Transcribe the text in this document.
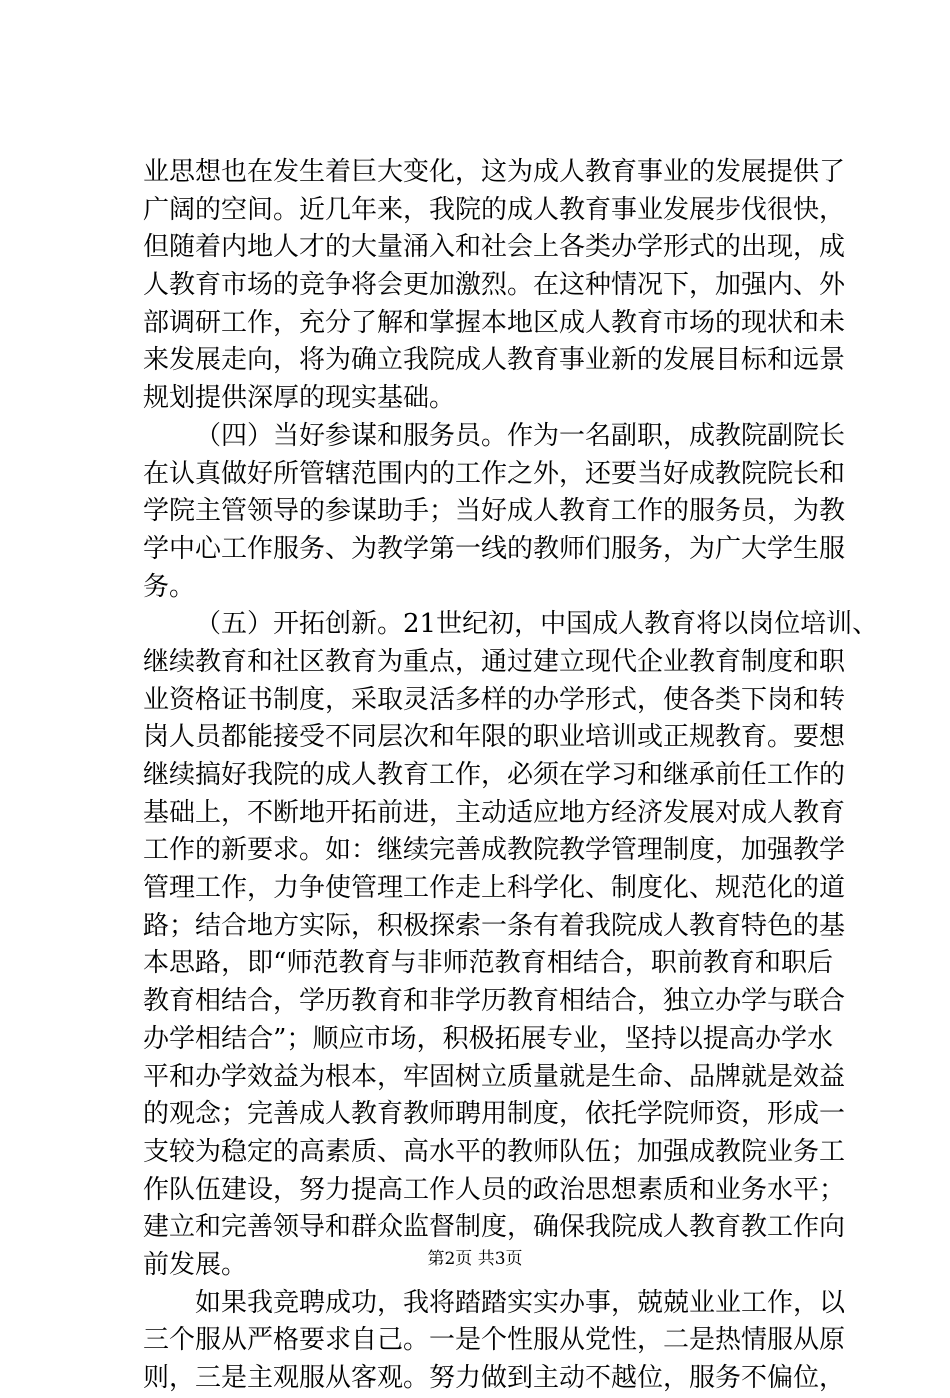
业思想也在发生着巨大变化，这为成人教育事业的发展提供了
广阔的空间。近几年来，我院的成人教育事业发展步伐很快，
但随着内地人才的大量涌入和社会上各类办学形式的出现，成
人教育市场的竞争将会更加激烈。在这种情况下，加强内、外
部调研工作，充分了解和掌握本地区成人教育市场的现状和未
来发展走向，将为确立我院成人教育事业新的发展目标和远景
规划提供深厚的现实基础。
（四）当好参谋和服务员。作为一名副职，成教院副院长
在认真做好所管辖范围内的工作之外，还要当好成教院院长和
学院主管领导的参谋助手；当好成人教育工作的服务员，为教
学中心工作服务、为教学第一线的教师们服务，为广大学生服
务。
（五）开拓创新。21世纪初，中国成人教育将以岗位培训、
继续教育和社区教育为重点，通过建立现代企业教育制度和职
业资格证书制度，采取灵活多样的办学形式，使各类下岗和转
岗人员都能接受不同层次和年限的职业培训或正规教育。要想
继续搞好我院的成人教育工作，必须在学习和继承前任工作的
基础上，不断地开拓前进，主动适应地方经济发展对成人教育
工作的新要求。如：继续完善成教院教学管理制度，加强教学
管理工作，力争使管理工作走上科学化、制度化、规范化的道
路；结合地方实际，积极探索一条有着我院成人教育特色的基
本思路，即“师范教育与非师范教育相结合，职前教育和职后
教育相结合，学历教育和非学历教育相结合，独立办学与联合
办学相结合”；顺应市场，积极拓展专业，坚持以提高办学水
平和办学效益为根本，牢固树立质量就是生命、品牌就是效益
的观念；完善成人教育教师聘用制度，依托学院师资，形成一
支较为稳定的高素质、高水平的教师队伍；加强成教院业务工
作队伍建设，努力提高工作人员的政治思想素质和业务水平；
建立和完善领导和群众监督制度，确保我院成人教育教工作向
前发展。
如果我竞聘成功，我将踏踏实实办事，兢兢业业工作，以
三个服从严格要求自己。一是个性服从党性，二是热情服从原
则，三是主观服从客观。努力做到主动不越位，服务不偏位，
第2页 共3页
